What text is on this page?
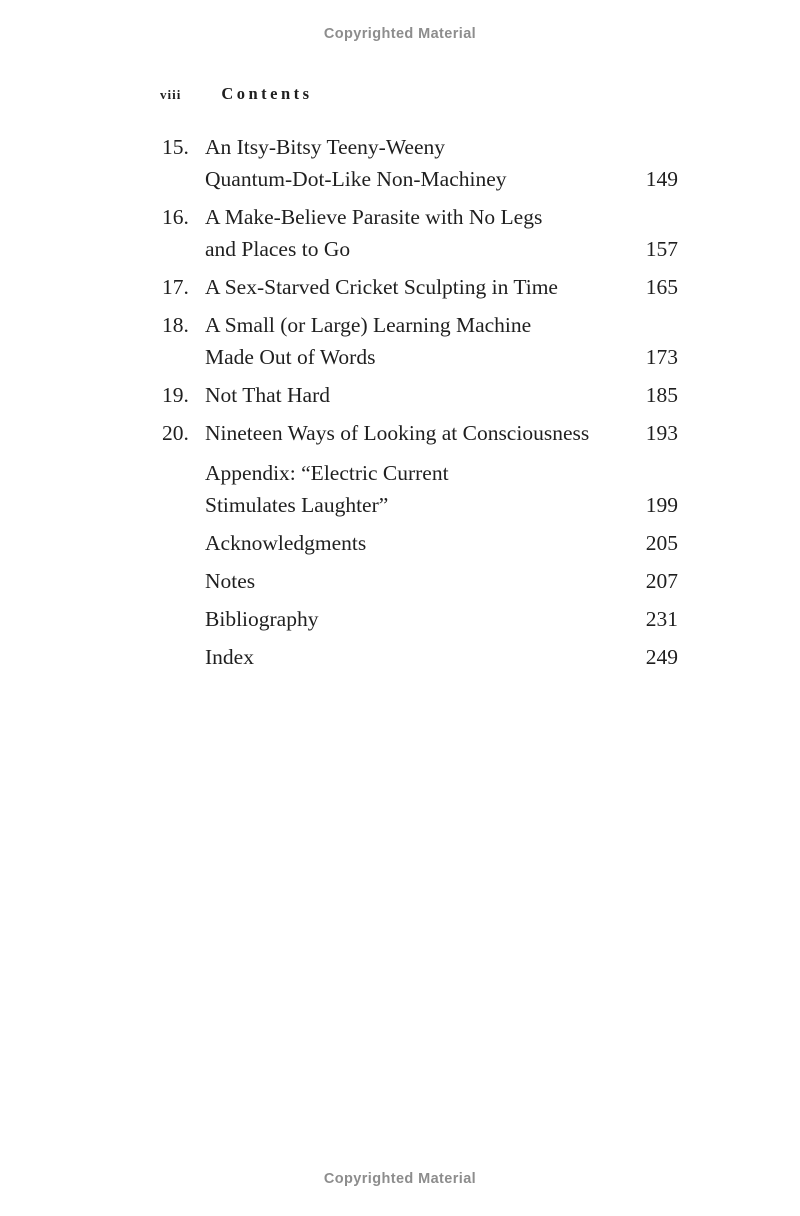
Copyrighted Material
viii Contents
15. An Itsy-Bitsy Teeny-Weeny
Quantum-Dot-Like Non-Machiney	149
16. A Make-Believe Parasite with No Legs
and Places to Go	157
17. A Sex-Starved Cricket Sculpting in Time	165
18. A Small (or Large) Learning Machine
Made Out of Words	173
19. Not That Hard	185
20. Nineteen Ways of Looking at Consciousness	193
Appendix: “Electric Current
Stimulates Laughter”	199
Acknowledgments	205
Notes	207
Bibliography	231
Index	249
Copyrighted Material
